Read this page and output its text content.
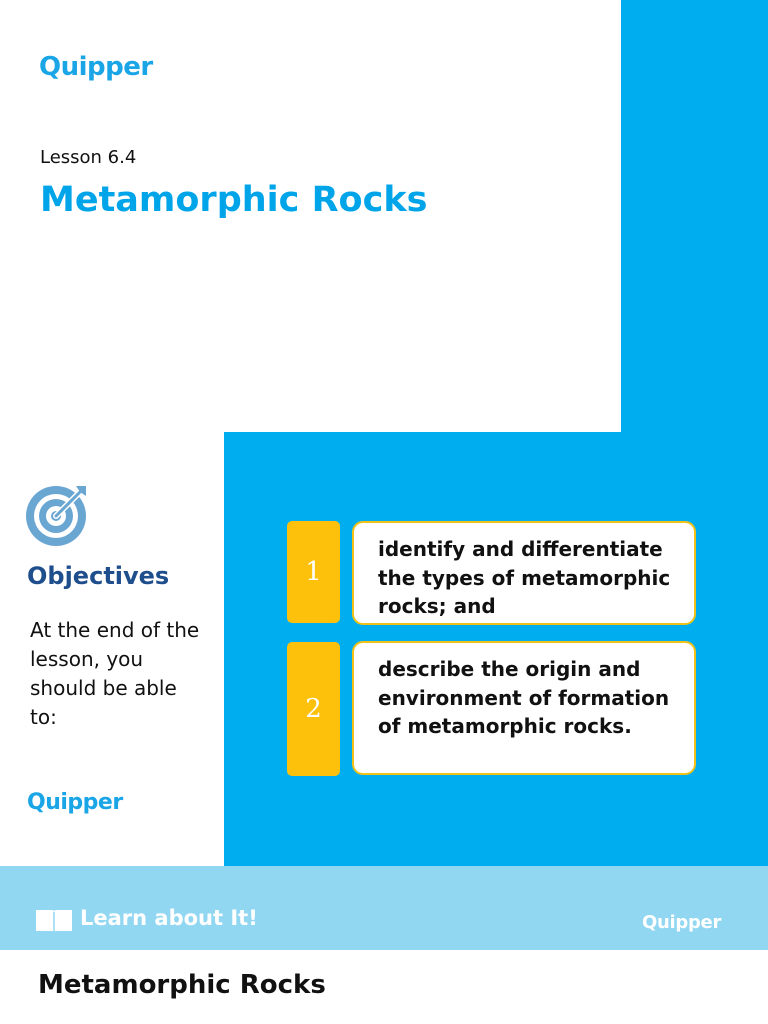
Quipper
Lesson 6.4
Metamorphic Rocks
Objectives
At the end of the lesson, you should be able to:
Quipper
1
identify and differentiate the types of metamorphic rocks; and
2
describe the origin and environment of formation of metamorphic rocks.
Learn about It!	Quipper
Metamorphic Rocks
